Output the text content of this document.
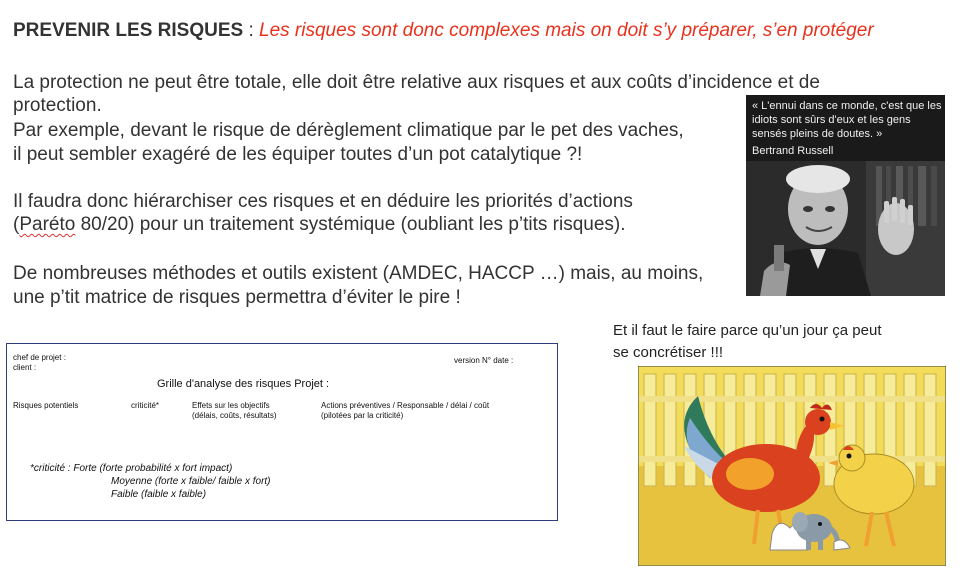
PREVENIR LES RISQUES : Les risques sont donc complexes mais on doit s’y préparer, s’en protéger
La protection ne peut être totale, elle doit être relative aux risques et aux coûts d’incidence et de
protection.
Par exemple, devant le risque de dérèglement climatique par le pet des vaches,
il peut sembler exagéré de les équiper toutes d’un pot catalytique ?!
Il faudra donc hiérarchiser ces risques et en déduire les priorités d’actions
(Paréto 80/20) pour un traitement systémique (oubliant les p’tits risques).
De nombreuses méthodes et outils existent (AMDEC, HACCP …) mais, au moins,
une p’tit matrice de risques permettra d’éviter le pire !
« L'ennui dans ce monde, c'est que les idiots sont sûrs d'eux et les gens sensés pleins de doutes. »
Bertrand Russell
Et il faut le faire parce qu’un jour ça peut
se concrétiser !!!
chef de projet :
client :
version N° date :
Grille d'analyse des risques Projet :
Risques potentiels	criticité*	Effets sur les objectifs
(délais, coûts, résultats)
Actions préventives / Responsable / délai / coût
(pilotées par la criticité)
*criticité : Forte (forte probabilité x fort impact)
Moyenne (forte x faible/ faible x fort)
Faible (faible x faible)
